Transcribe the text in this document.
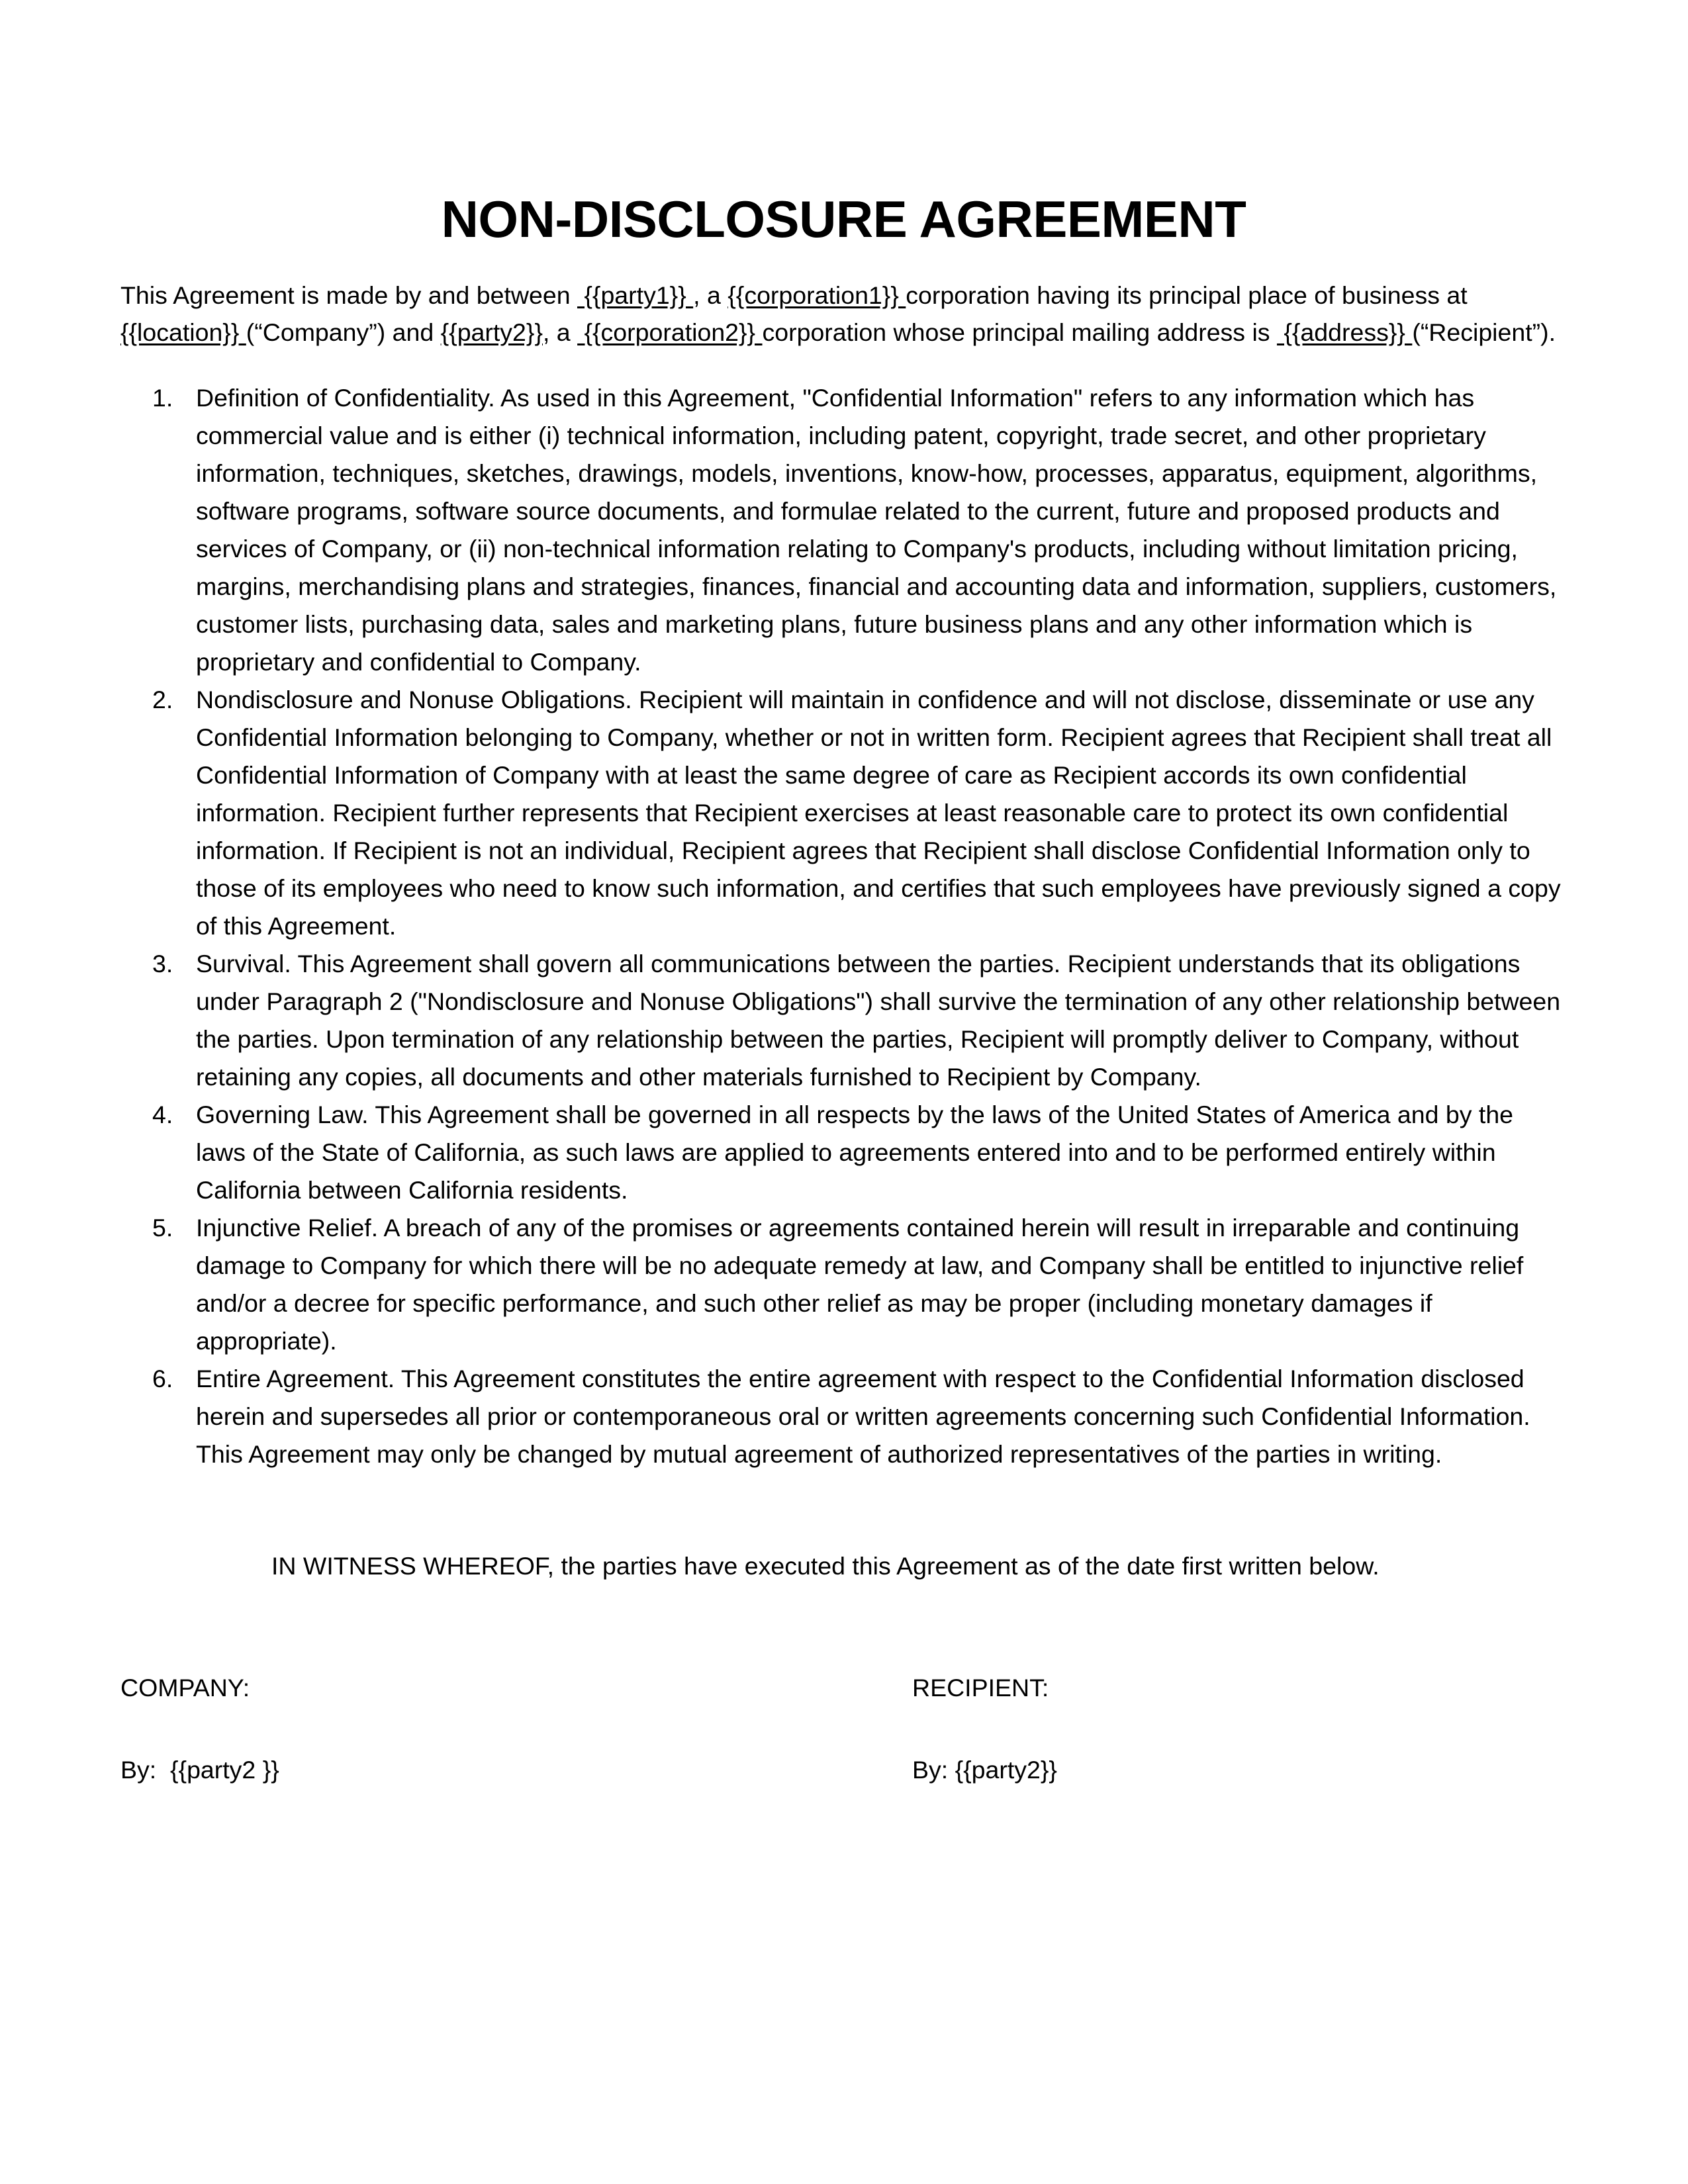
NON-DISCLOSURE AGREEMENT

This Agreement is made by and between  {{party1}} , a {{corporation1}} corporation having its principal place of business at {{location}} (“Company”) and {{party2}}, a  {{corporation2}} corporation whose principal mailing address is  {{address}} (“Recipient”).

Definition of Confidentiality. As used in this Agreement, "Confidential Information" refers to any information which has commercial value and is either (i) technical information, including patent, copyright, trade secret, and other proprietary information, techniques, sketches, drawings, models, inventions, know-how, processes, apparatus, equipment, algorithms, software programs, software source documents, and formulae related to the current, future and proposed products and services of Company, or (ii) non-technical information relating to Company's products, including without limitation pricing, margins, merchandising plans and strategies, finances, financial and accounting data and information, suppliers, customers, customer lists, purchasing data, sales and marketing plans, future business plans and any other information which is proprietary and confidential to Company.
Nondisclosure and Nonuse Obligations. Recipient will maintain in confidence and will not disclose, disseminate or use any Confidential Information belonging to Company, whether or not in written form. Recipient agrees that Recipient shall treat all Confidential Information of Company with at least the same degree of care as Recipient accords its own confidential information. Recipient further represents that Recipient exercises at least reasonable care to protect its own confidential information. If Recipient is not an individual, Recipient agrees that Recipient shall disclose Confidential Information only to those of its employees who need to know such information, and certifies that such employees have previously signed a copy of this Agreement.
Survival. This Agreement shall govern all communications between the parties. Recipient understands that its obligations under Paragraph 2 ("Nondisclosure and Nonuse Obligations") shall survive the termination of any other relationship between the parties. Upon termination of any relationship between the parties, Recipient will promptly deliver to Company, without retaining any copies, all documents and other materials furnished to Recipient by Company.
Governing Law. This Agreement shall be governed in all respects by the laws of the United States of America and by the laws of the State of California, as such laws are applied to agreements entered into and to be performed entirely within California between California residents.
Injunctive Relief. A breach of any of the promises or agreements contained herein will result in irreparable and continuing damage to Company for which there will be no adequate remedy at law, and Company shall be entitled to injunctive relief and/or a decree for specific performance, and such other relief as may be proper (including monetary damages if appropriate).
Entire Agreement. This Agreement constitutes the entire agreement with respect to the Confidential Information disclosed herein and supersedes all prior or contemporaneous oral or written agreements concerning such Confidential Information. This Agreement may only be changed by mutual agreement of authorized representatives of the parties in writing.

IN WITNESS WHEREOF, the parties have executed this Agreement as of the date first written below.

COMPANY:	RECIPIENT:
By:  {{party2 }}	By: {{party2}}
